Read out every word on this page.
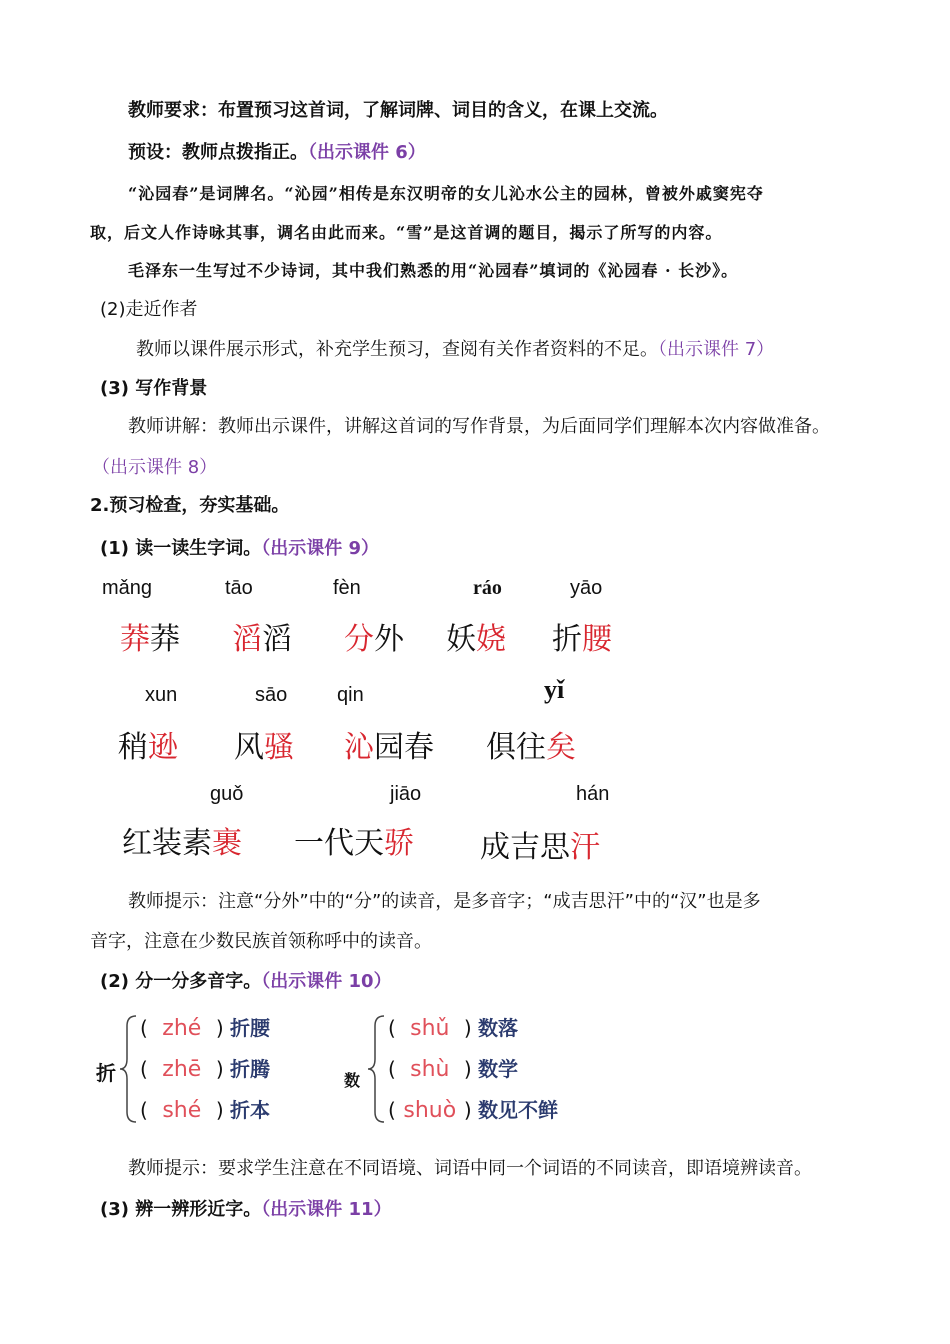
教师要求：布置预习这首词，了解词牌、词目的含义，在课上交流。
预设：教师点拨指正。（出示课件 6）
“沁园春”是词牌名。“沁园”相传是东汉明帝的女儿沁水公主的园林，曾被外戚窦宪夺
取，后文人作诗咏其事，调名由此而来。“雪”是这首调的题目，揭示了所写的内容。
毛泽东一生写过不少诗词，其中我们熟悉的用“沁园春”填词的《沁园春 · 长沙》。
(2)走近作者
教师以课件展示形式，补充学生预习，查阅有关作者资料的不足。（出示课件 7）
(3) 写作背景
教师讲解：教师出示课件，讲解这首词的写作背景，为后面同学们理解本次内容做准备。
（出示课件 8）
2.预习检查，夯实基础。
(1) 读一读生字词。（出示课件 9）
mǎng	tāo	fèn	ráo	yāo
莽莽 滔滔 分外 妖娆 折腰
xun	sāo qin	yǐ
稍逊 风骚 沁园春 俱往矣
guǒ	jiāo	hán
红装素裹 一代天骄 成吉思汗
教师提示：注意“分外”中的“分”的读音，是多音字；“成吉思汗”中的“汉”也是多
音字，注意在少数民族首领称呼中的读音。
(2) 分一分多音字。（出示课件 10）
折
( zhé ) 折腰
( zhē ) 折腾
( shé ) 折本
数
( shǔ ) 数落
( shù ) 数学
( shuò ) 数见不鲜
教师提示：要求学生注意在不同语境、词语中同一个词语的不同读音，即语境辨读音。
(3) 辨一辨形近字。（出示课件 11）
